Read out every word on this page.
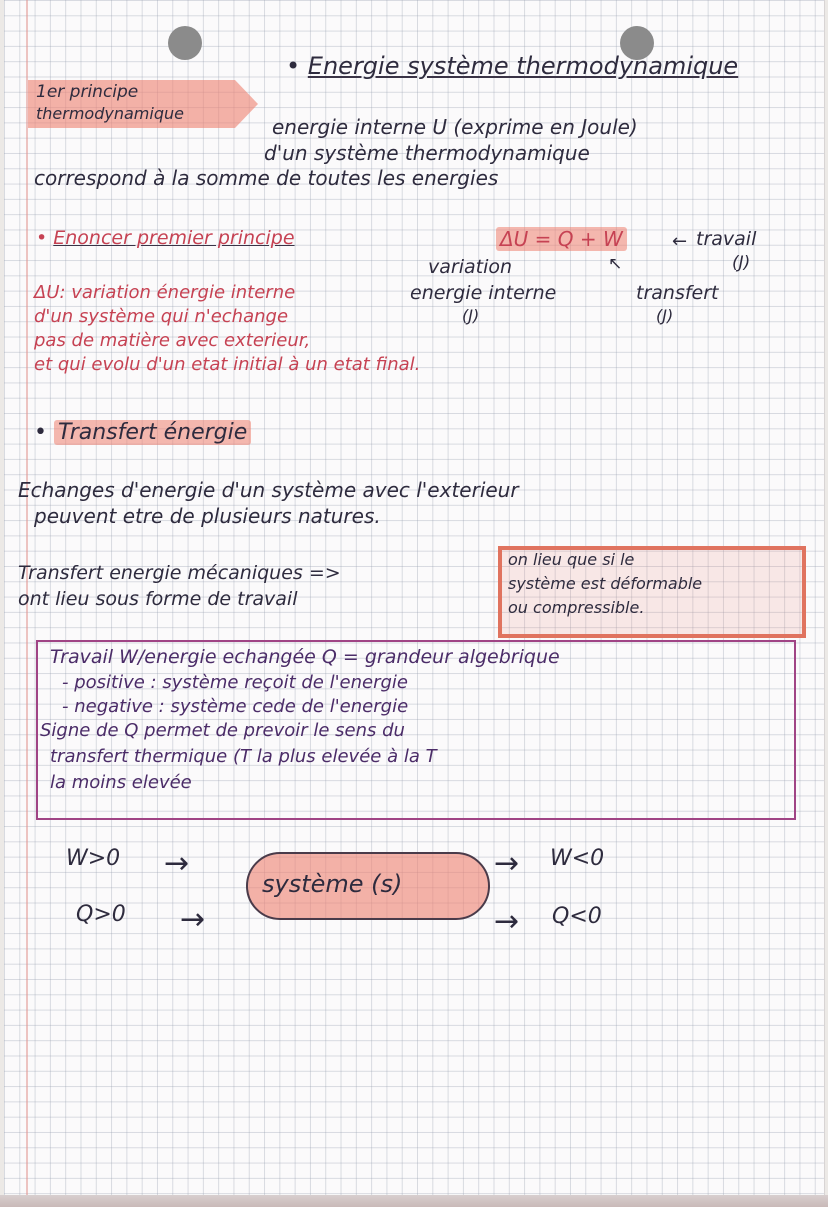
• Energie système thermodynamique
1er principe
thermodynamique
energie interne U (exprime en Joule)
d'un système thermodynamique
correspond à la somme de toutes les energies
• Enoncer premier principe	ΔU = Q + W	← travail
(J)
variation	↖
energie interne
(J)
transfert
(J)
ΔU: variation énergie interne
d'un système qui n'echange
pas de matière avec exterieur,
et qui evolu d'un etat initial à un etat final.
• Transfert énergie
Echanges d'energie d'un système avec l'exterieur
peuvent etre de plusieurs natures.
Transfert energie mécaniques =>
ont lieu sous forme de travail
on lieu que si le
système est déformable
ou compressible.
Travail W/energie echangée Q = grandeur algebrique
- positive : système reçoit de l'energie
- negative : système cede de l'energie
Signe de Q permet de prevoir le sens du
transfert thermique (T la plus elevée à la T
la moins elevée
W>0 →
Q>0 →
système (s)
→ W<0
→ Q<0
